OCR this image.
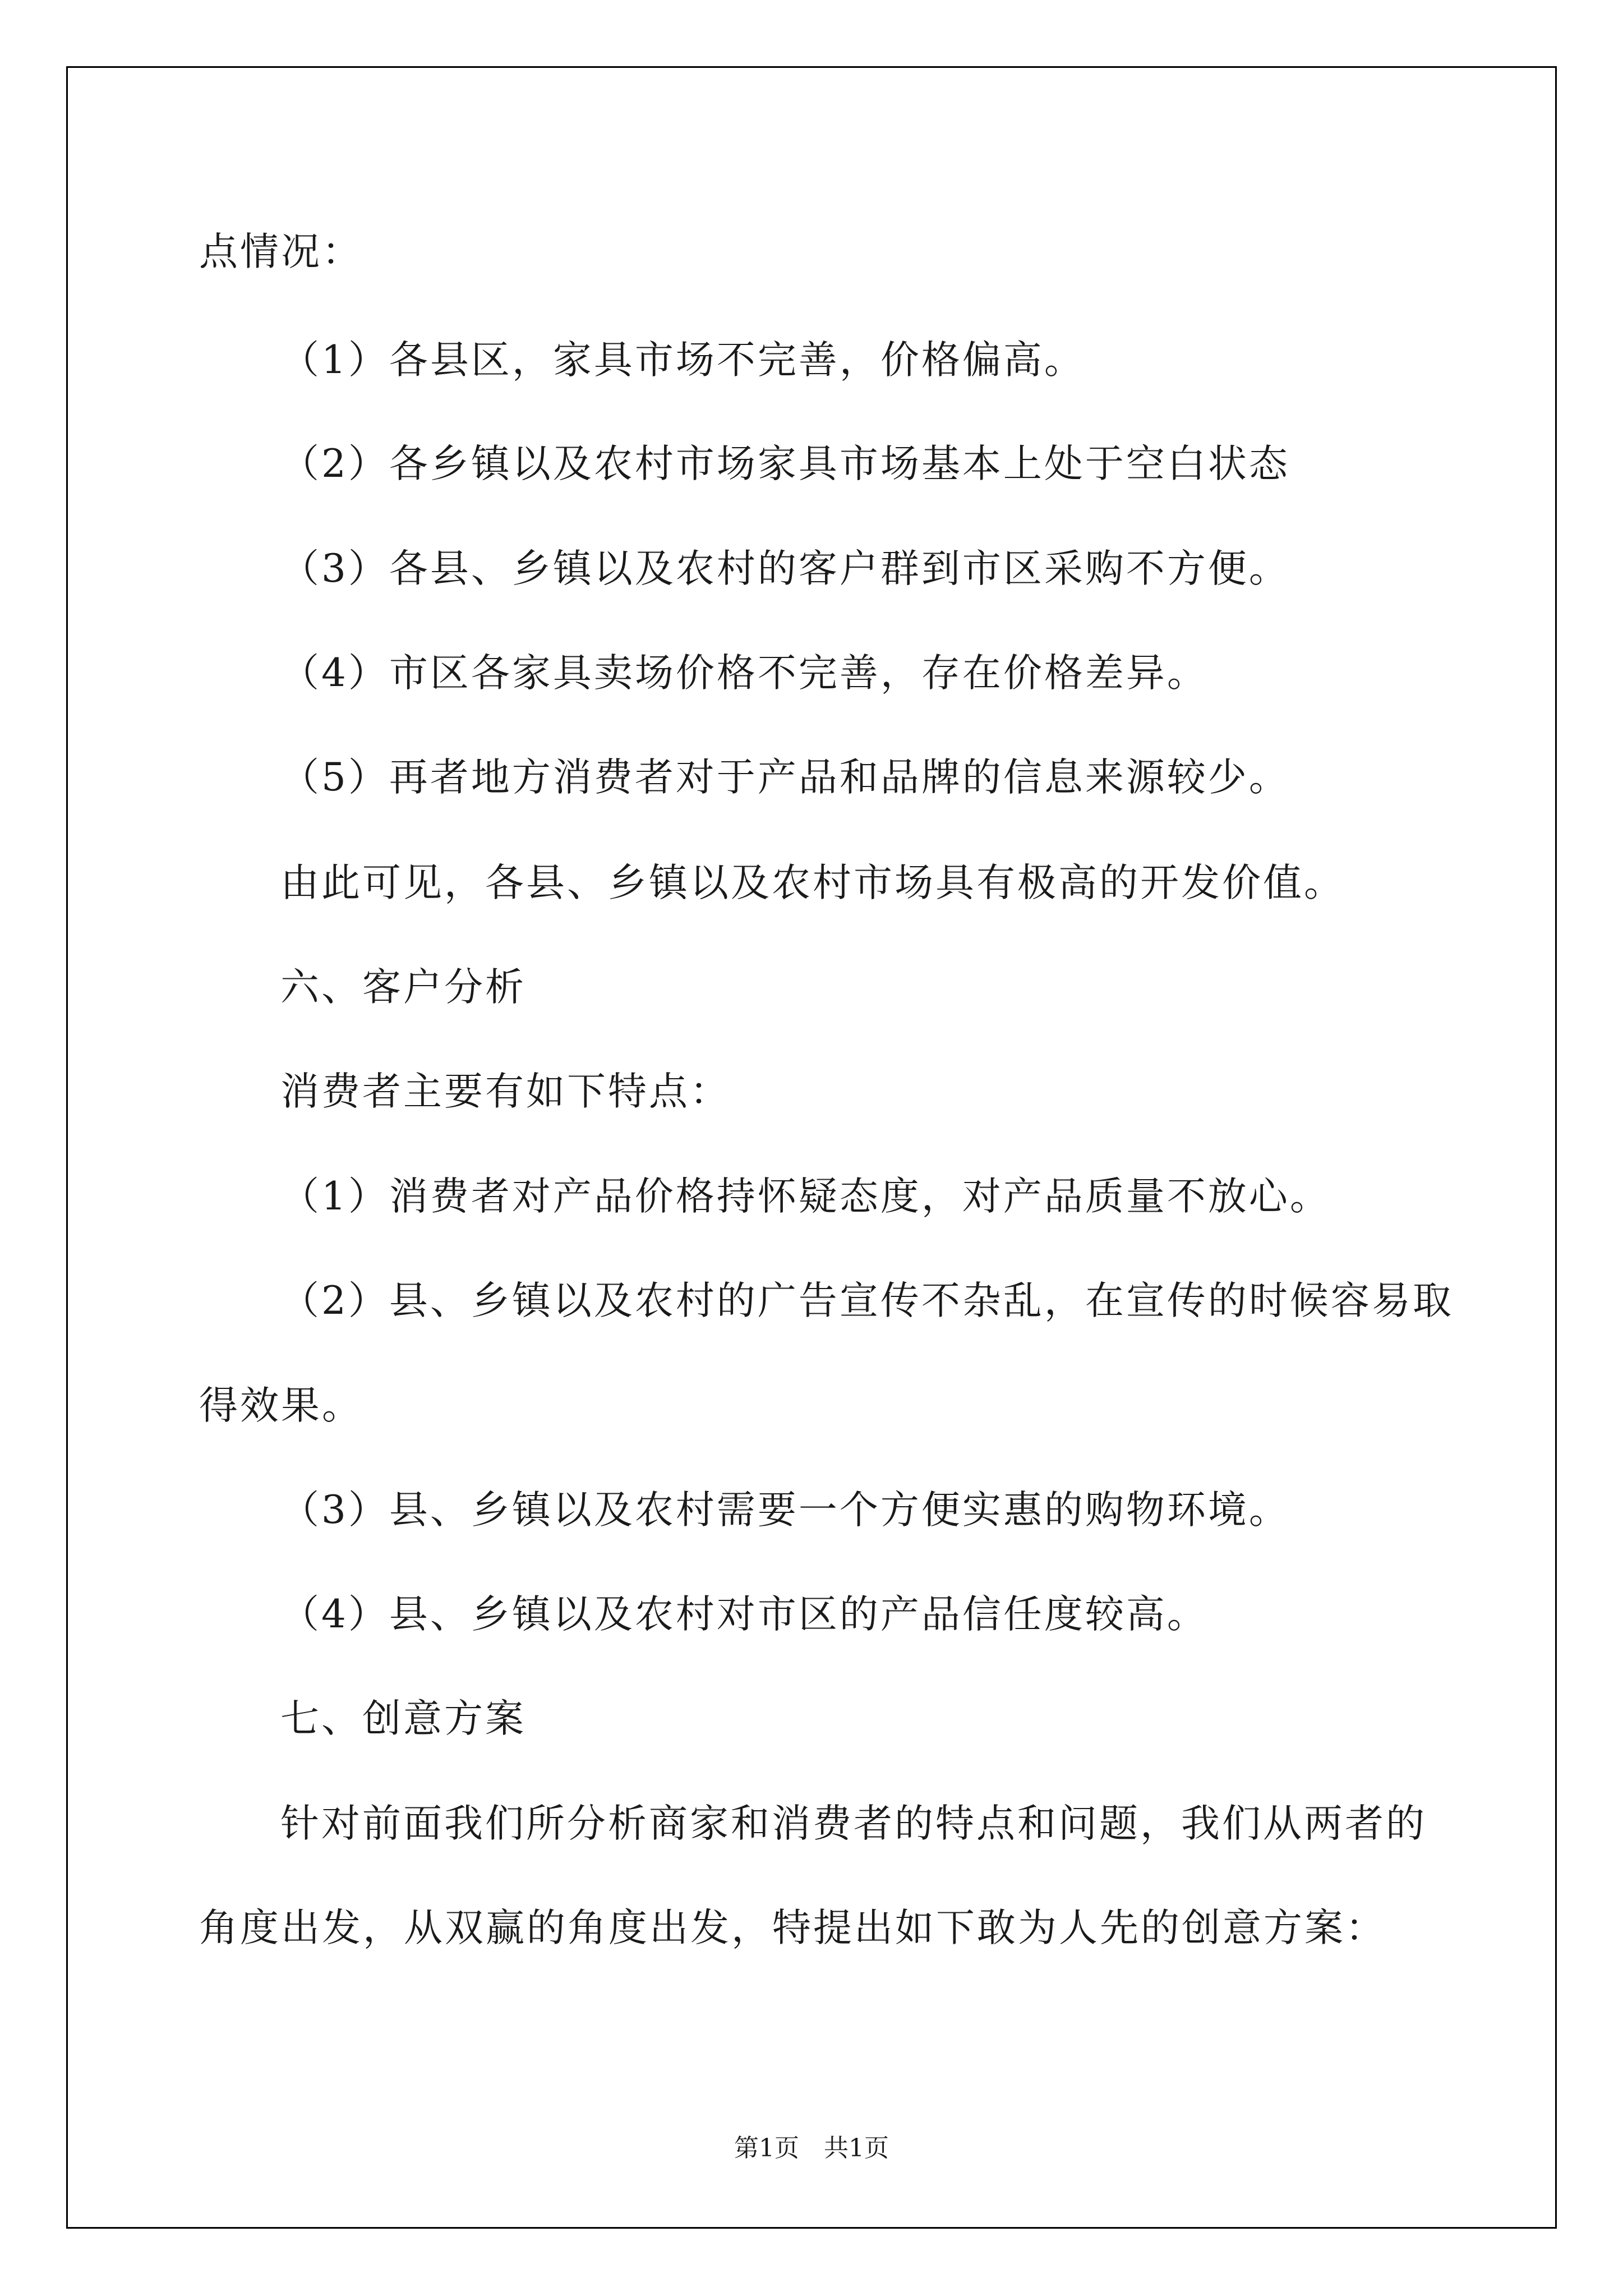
点情况：
（1）各县区，家具市场不完善，价格偏高。
（2）各乡镇以及农村市场家具市场基本上处于空白状态
（3）各县、乡镇以及农村的客户群到市区采购不方便。
（4）市区各家具卖场价格不完善，存在价格差异。
（5）再者地方消费者对于产品和品牌的信息来源较少。
由此可见，各县、乡镇以及农村市场具有极高的开发价值。
六、客户分析
消费者主要有如下特点：
（1）消费者对产品价格持怀疑态度，对产品质量不放心。
（2）县、乡镇以及农村的广告宣传不杂乱，在宣传的时候容易取
得效果。
（3）县、乡镇以及农村需要一个方便实惠的购物环境。
（4）县、乡镇以及农村对市区的产品信任度较高。
七、创意方案
针对前面我们所分析商家和消费者的特点和问题，我们从两者的
角度出发，从双赢的角度出发，特提出如下敢为人先的创意方案：
第1页　共1页
